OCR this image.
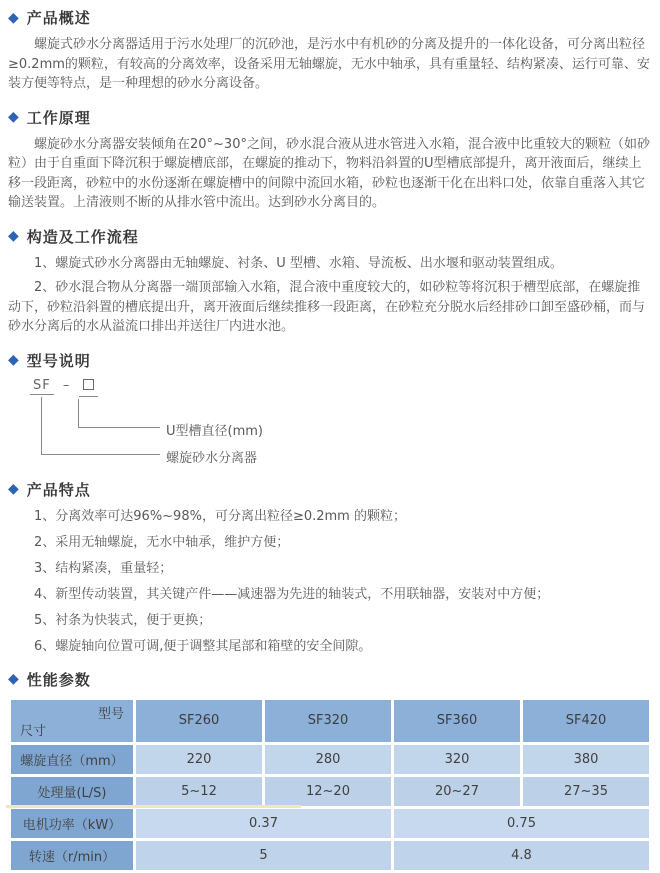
◆ 产品概述

螺旋式砂水分离器适用于污水处理厂的沉砂池，是污水中有机砂的分离及提升的一体化设备，可分离出粒径≥0.2mm的颗粒，有较高的分离效率，设备采用无轴螺旋，无水中轴承，具有重量轻、结构紧凑、运行可靠、安装方便等特点，是一种理想的砂水分离设备。

◆ 工作原理

螺旋砂水分离器安装倾角在20°~30°之间，砂水混合液从进水管进入水箱，混合液中比重较大的颗粒（如砂粒）由于自重面下降沉积于螺旋槽底部，在螺旋的推动下，物料沿斜置的U型槽底部提升，离开液面后，继续上移一段距离，砂粒中的水份逐渐在螺旋槽中的间隙中流回水箱，砂粒也逐渐干化在出料口处，依靠自重落入其它输送装置。上清液则不断的从排水管中流出。达到砂水分离目的。

◆ 构造及工作流程

1、螺旋式砂水分离器由无轴螺旋、衬条、U 型槽、水箱、导流板、出水堰和驱动装置组成。

2、砂水混合物从分离器一端顶部输入水箱，混合液中重度较大的，如砂粒等将沉积于槽型底部，在螺旋推动下，砂粒沿斜置的槽底提出升，离开液面后继续推移一段距离，在砂粒充分脱水后经排砂口卸至盛砂桶，而与砂水分离后的水从溢流口排出并送往厂内进水池。

◆ 型号说明
SF –
U型槽直径(mm)
螺旋砂水分离器
◆ 产品特点
1、分离效率可达96%~98%，可分离出粒径≥0.2mm 的颗粒；
2、采用无轴螺旋，无水中轴承，维护方便；
3、结构紧凑，重量轻；
4、新型传动装置，其关键产件——减速器为先进的轴装式，不用联轴器，安装对中方便；
5、衬条为快装式，便于更换；
6、螺旋轴向位置可调,便于调整其尾部和箱壁的安全间隙。
◆ 性能参数
型号
尺寸	SF260	SF320	SF360	SF420
螺旋直径（mm）	220	280	320	380
处理量(L/S)	5~12	12~20	20~27	27~35
电机功率（kW）	0.37		0.75	
转速（r/min）	5		4.8	
